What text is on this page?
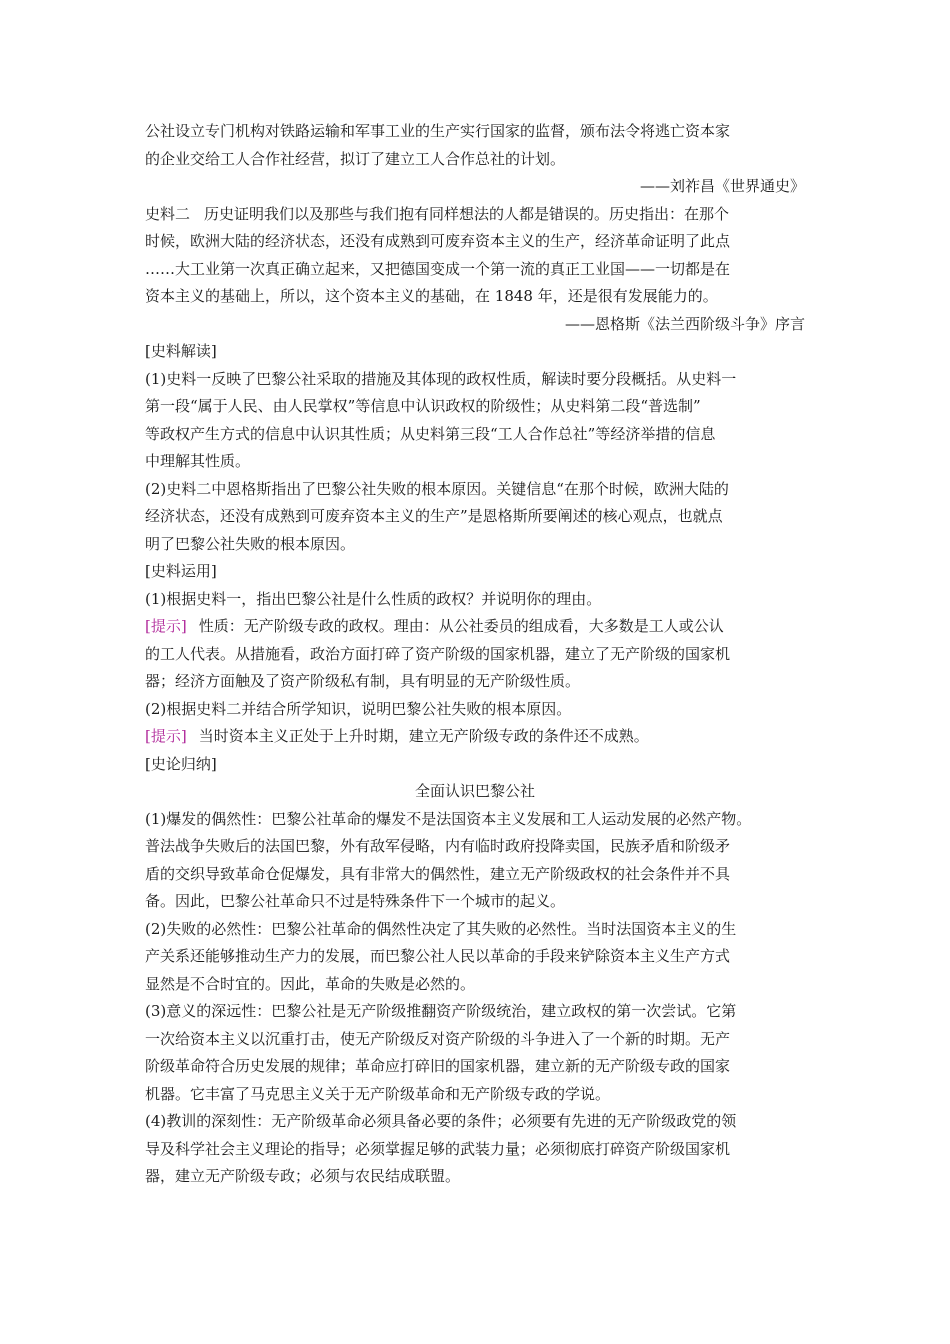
公社设立专门机构对铁路运输和军事工业的生产实行国家的监督，颁布法令将逃亡资本家
的企业交给工人合作社经营，拟订了建立工人合作总社的计划。
——刘祚昌《世界通史》
史料二 历史证明我们以及那些与我们抱有同样想法的人都是错误的。历史指出：在那个
时候，欧洲大陆的经济状态，还没有成熟到可废弃资本主义的生产，经济革命证明了此点
……大工业第一次真正确立起来，又把德国变成一个第一流的真正工业国——一切都是在
资本主义的基础上，所以，这个资本主义的基础，在 1848 年，还是很有发展能力的。
——恩格斯《法兰西阶级斗争》序言
[史料解读]
(1)史料一反映了巴黎公社采取的措施及其体现的政权性质，解读时要分段概括。从史料一
第一段“属于人民、由人民掌权”等信息中认识政权的阶级性；从史料第二段“普选制”
等政权产生方式的信息中认识其性质；从史料第三段“工人合作总社”等经济举措的信息
中理解其性质。
(2)史料二中恩格斯指出了巴黎公社失败的根本原因。关键信息“在那个时候，欧洲大陆的
经济状态，还没有成熟到可废弃资本主义的生产”是恩格斯所要阐述的核心观点，也就点
明了巴黎公社失败的根本原因。
[史料运用]
(1)根据史料一，指出巴黎公社是什么性质的政权？并说明你的理由。
[提示] 性质：无产阶级专政的政权。理由：从公社委员的组成看，大多数是工人或公认
的工人代表。从措施看，政治方面打碎了资产阶级的国家机器，建立了无产阶级的国家机
器；经济方面触及了资产阶级私有制，具有明显的无产阶级性质。
(2)根据史料二并结合所学知识，说明巴黎公社失败的根本原因。
[提示] 当时资本主义正处于上升时期，建立无产阶级专政的条件还不成熟。
[史论归纳]
全面认识巴黎公社
(1)爆发的偶然性：巴黎公社革命的爆发不是法国资本主义发展和工人运动发展的必然产物。
普法战争失败后的法国巴黎，外有敌军侵略，内有临时政府投降卖国，民族矛盾和阶级矛
盾的交织导致革命仓促爆发，具有非常大的偶然性，建立无产阶级政权的社会条件并不具
备。因此，巴黎公社革命只不过是特殊条件下一个城市的起义。
(2)失败的必然性：巴黎公社革命的偶然性决定了其失败的必然性。当时法国资本主义的生
产关系还能够推动生产力的发展，而巴黎公社人民以革命的手段来铲除资本主义生产方式
显然是不合时宜的。因此，革命的失败是必然的。
(3)意义的深远性：巴黎公社是无产阶级推翻资产阶级统治，建立政权的第一次尝试。它第
一次给资本主义以沉重打击，使无产阶级反对资产阶级的斗争进入了一个新的时期。无产
阶级革命符合历史发展的规律；革命应打碎旧的国家机器，建立新的无产阶级专政的国家
机器。它丰富了马克思主义关于无产阶级革命和无产阶级专政的学说。
(4)教训的深刻性：无产阶级革命必须具备必要的条件；必须要有先进的无产阶级政党的领
导及科学社会主义理论的指导；必须掌握足够的武装力量；必须彻底打碎资产阶级国家机
器，建立无产阶级专政；必须与农民结成联盟。
